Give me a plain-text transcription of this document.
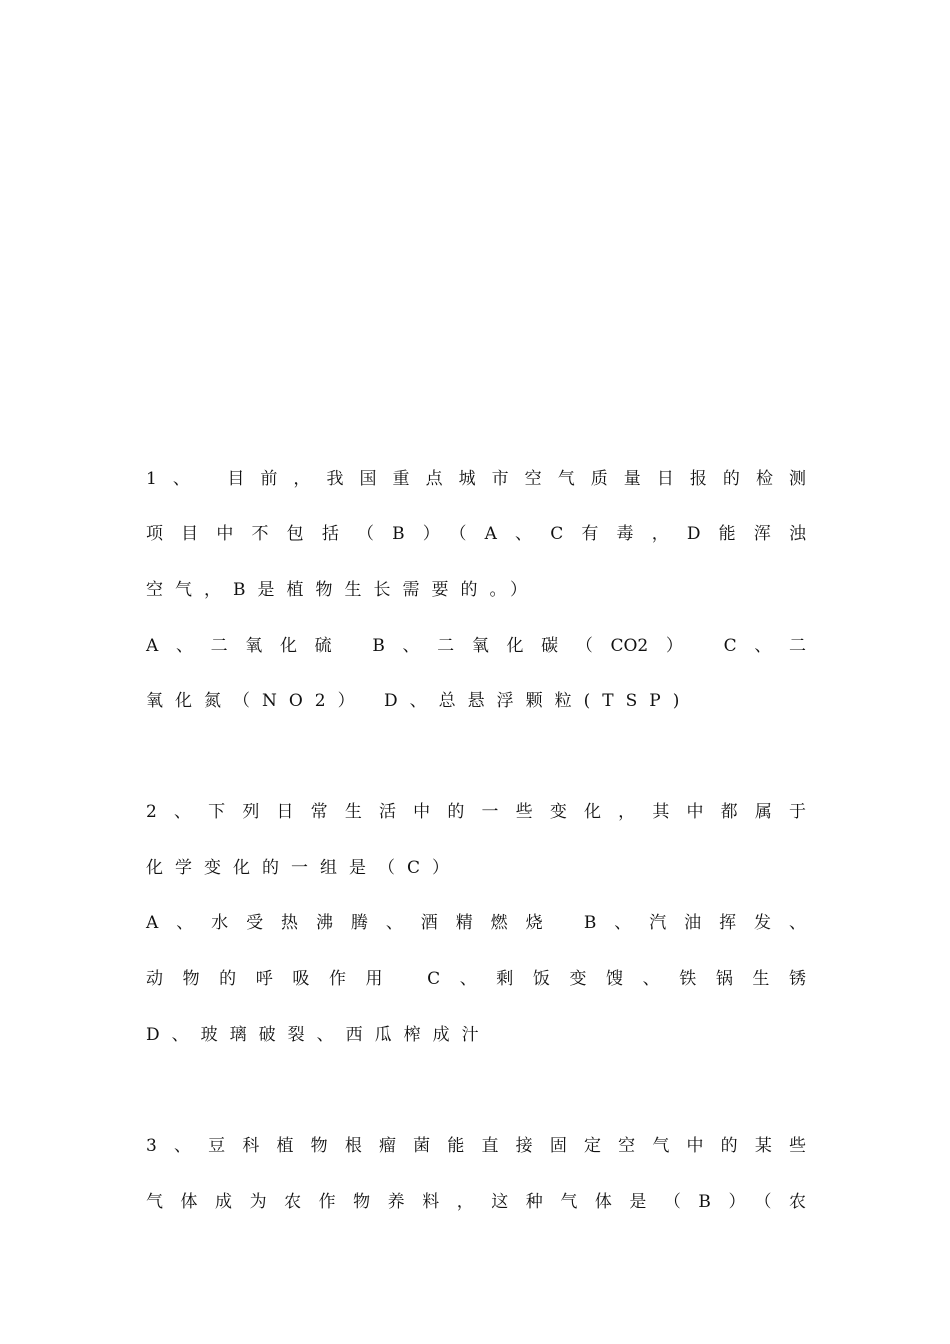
1、 目前，我国重点城市空气质量日报的检测
项目中不包括（B）（A、C有毒，D能浑浊
空气，B是植物生长需要的。）
A、二氧化硫 B、二氧化碳（CO2） C、二
氧化氮（NO2） D、总悬浮颗粒(TSP)
2、下列日常生活中的一些变化，其中都属于
化学变化的一组是（C）
A、水受热沸腾、酒精燃烧 B、汽油挥发、
动物的呼吸作用 C、剩饭变馊、铁锅生锈
D、玻璃破裂、西瓜榨成汁
3、豆科植物根瘤菌能直接固定空气中的某些
气体成为农作物养料，这种气体是（B）（农
